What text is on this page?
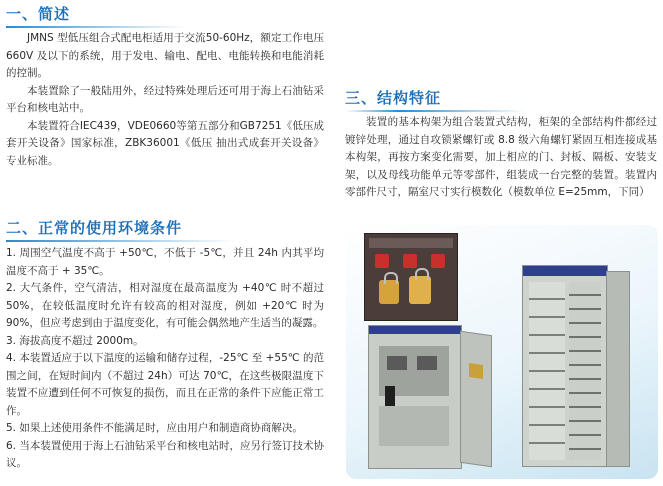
一、简述

JMNS 型低压组合式配电柜适用于交流50-60Hz，额定工作电压 660V 及以下的系统，用于发电、输电、配电、电能转换和电能消耗的控制。

本装置除了一般陆用外，经过特殊处理后还可用于海上石油钻采平台和核电站中。

本装置符合IEC439，VDE0660等第五部分和GB7251《低压成套开关设备》国家标准，ZBK36001《低压 抽出式成套开关设备》专业标准。

二、正常的使用环境条件
1. 周围空气温度不高于 +50℃，不低于 -5℃，并且 24h 内其平均温度不高于 + 35℃。
2. 大气条件，空气清洁，相对湿度在最高温度为 +40℃ 时不超过 50%，在较低温度时允许有较高的相对湿度，例如 +20℃ 时为 90%，但应考虑到由于温度变化，有可能会偶然地产生适当的凝露。
3. 海拔高度不超过 2000m。
4. 本装置适应于以下温度的运输和储存过程，-25℃ 至 +55℃ 的范围之间，在短时间内（不超过 24h）可达 70℃，在这些极限温度下装置不应遭到任何不可恢复的损伤，而且在正常的条件下应能正常工作。
5. 如果上述使用条件不能满足时，应由用户和制造商协商解决。
6. 当本装置使用于海上石油钻采平台和核电站时，应另行签订技术协议。
三、结构特征

装置的基本构架为组合装置式结构，柜架的全部结构件都经过镀锌处理，通过自攻锁紧螺钉或 8.8 级六角螺钉紧固互相连接成基本构架，再按方案变化需要，加上相应的门、封板、隔板、安装支架，以及母线功能单元等零部件，组装成一台完整的装置。装置内零部件尺寸，隔室尺寸实行模数化（模数单位 E=25mm，下同）
